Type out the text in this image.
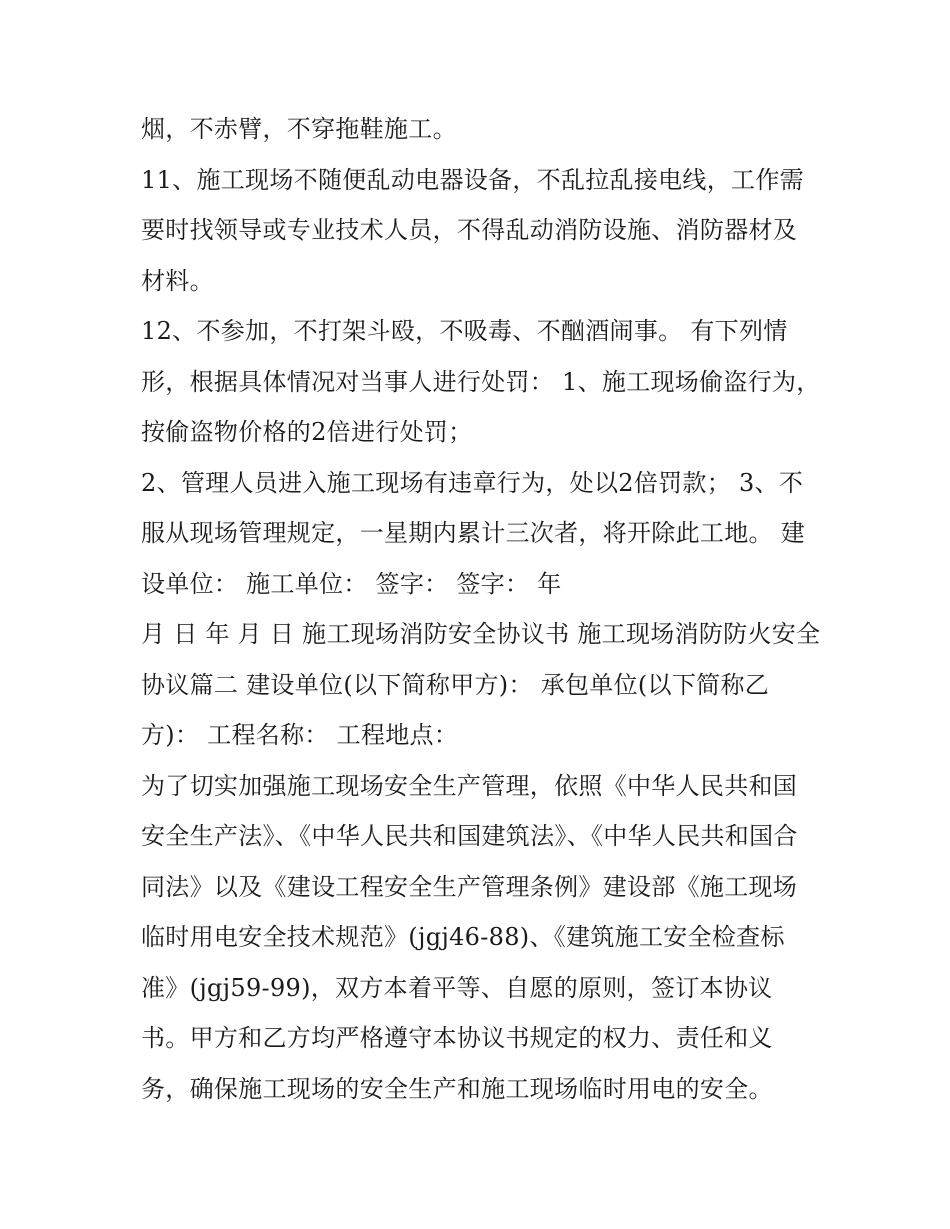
烟，不赤臂，不穿拖鞋施工。

11、施工现场不随便乱动电器设备，不乱拉乱接电线，工作需要时找领导或专业技术人员，不得乱动消防设施、消防器材及材料。

12、不参加，不打架斗殴，不吸毒、不酗酒闹事。 有下列情形，根据具体情况对当事人进行处罚： 1、施工现场偷盗行为，按偷盗物价格的2倍进行处罚；

2、管理人员进入施工现场有违章行为，处以2倍罚款； 3、不服从现场管理规定，一星期内累计三次者，将开除此工地。 建设单位： 施工单位： 签字： 签字： 年

月 日 年 月 日 施工现场消防安全协议书 施工现场消防防火安全协议篇二 建设单位(以下简称甲方)： 承包单位(以下简称乙方)： 工程名称： 工程地点：

为了切实加强施工现场安全生产管理，依照《中华人民共和国安全生产法》、《中华人民共和国建筑法》、《中华人民共和国合同法》以及《建设工程安全生产管理条例》建设部《施工现场临时用电安全技术规范》(jgj46-88)、《建筑施工安全检查标准》(jgj59-99)，双方本着平等、自愿的原则，签订本协议书。甲方和乙方均严格遵守本协议书规定的权力、责任和义务，确保施工现场的安全生产和施工现场临时用电的安全。
